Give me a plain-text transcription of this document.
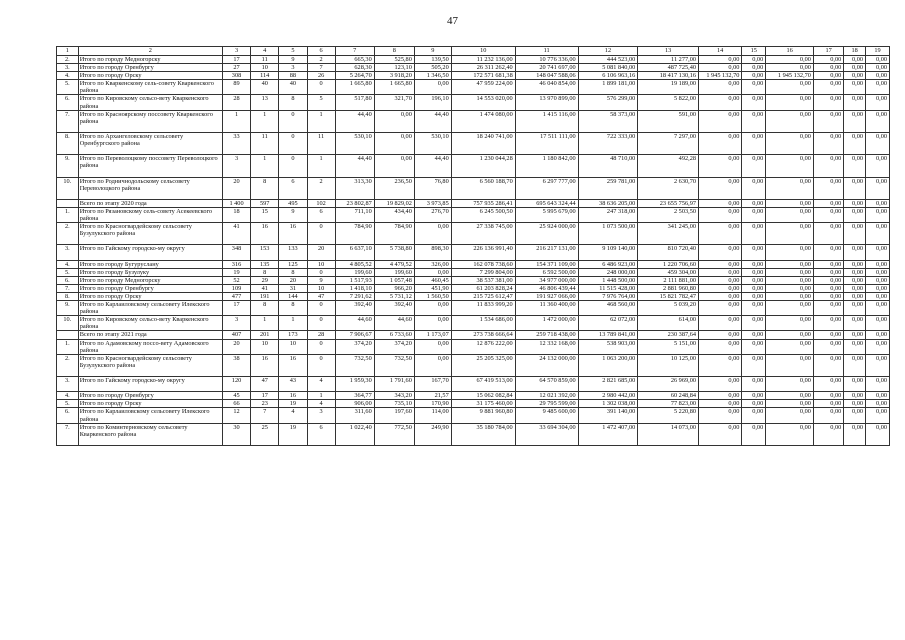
47
1	2	3	4	5	6	7	8	9	10	11	12	13	14	15	16	17	18	19
2.	Итого по городу Медногорску	17	11	9	2	665,30	525,80	139,50	11 232 136,00	10 776 336,00	444 523,00	11 277,00	0,00	0,00	0,00	0,00	0,00	0,00
3.	Итого по городу Оренбургу	27	10	3	7	628,30	123,10	505,20	26 311 262,40	20 741 697,00	5 081 840,00	487 725,40	0,00	0,00	0,00	0,00	0,00	0,00
4.	Итого по городу Орску	308	114	88	26	5 264,70	3 918,20	1 346,50	172 571 681,38	148 047 588,06	6 106 963,16	18 417 130,16	1 945 132,70	0,00	1 945 132,70	0,00	0,00	0,00
5.	Итого по Кваркенскому сель-совету Кваркенского района	89	40	40	0	1 665,80	1 665,80	0,00	47 959 224,00	46 040 854,00	1 899 181,00	19 189,00	0,00	0,00	0,00	0,00	0,00	0,00
6.	Итого по Кировскому сельсо-вету Кваркенского района	28	13	8	5	517,80	321,70	196,10	14 553 020,00	13 970 899,00	576 299,00	5 822,00	0,00	0,00	0,00	0,00	0,00	0,00
7.	Итого по Красноярскому поссовету Кваркенского района	1	1	0	1	44,40	0,00	44,40	1 474 080,00	1 415 116,00	58 373,00	591,00	0,00	0,00	0,00	0,00	0,00	0,00
8.	Итого по Архангеловскому сельсовету Оренбургского района	33	11	0	11	530,10	0,00	530,10	18 240 741,00	17 511 111,00	722 333,00	7 297,00	0,00	0,00	0,00	0,00	0,00	0,00
9.	Итого по Переволоцкому поссовету Переволоцкого района	3	1	0	1	44,40	0,00	44,40	1 230 044,28	1 180 842,00	48 710,00	492,28	0,00	0,00	0,00	0,00	0,00	0,00
10.	Итого по Родничнодольскому сельсовету Переволоцкого района	20	8	6	2	313,30	236,50	76,80	6 560 188,70	6 297 777,00	259 781,00	2 630,70	0,00	0,00	0,00	0,00	0,00	0,00
	Всего по этапу 2020 года	1 400	597	495	102	23 802,87	19 829,02	3 973,85	757 935 286,41	695 643 324,44	38 636 205,00	23 655 756,97	0,00	0,00	0,00	0,00	0,00	0,00
1.	Итого по Рязановскому сель-совету Асекеевского района	18	15	9	6	711,10	434,40	276,70	6 245 500,50	5 995 679,00	247 318,00	2 503,50	0,00	0,00	0,00	0,00	0,00	0,00
2.	Итого по Красногвардейскому сельсовету Бузулукского района	41	16	16	0	784,90	784,90	0,00	27 338 745,00	25 924 000,00	1 073 500,00	341 245,00	0,00	0,00	0,00	0,00	0,00	0,00
3.	Итого по Гайскому городско-му округу	348	153	133	20	6 637,10	5 738,80	898,30	226 136 991,40	216 217 131,00	9 109 140,00	810 720,40	0,00	0,00	0,00	0,00	0,00	0,00
4.	Итого по городу Бугуруслану	316	135	125	10	4 805,52	4 479,52	326,00	162 078 738,60	154 371 109,00	6 486 923,00	1 220 706,60	0,00	0,00	0,00	0,00	0,00	0,00
5.	Итого по городу Бузулуку	19	8	8	0	199,60	199,60	0,00	7 299 804,00	6 592 500,00	248 000,00	459 304,00	0,00	0,00	0,00	0,00	0,00	0,00
6.	Итого по городу Медногорску	52	29	20	9	1 517,93	1 057,48	460,45	38 537 381,00	34 977 000,00	1 448 500,00	2 111 881,00	0,00	0,00	0,00	0,00	0,00	0,00
7.	Итого по городу Оренбургу	109	41	31	10	1 418,10	966,20	451,90	61 203 828,24	46 806 439,44	11 515 428,00	2 881 960,80	0,00	0,00	0,00	0,00	0,00	0,00
8.	Итого по городу Орску	477	191	144	47	7 291,62	5 731,12	1 560,50	215 725 612,47	191 927 066,00	7 976 764,00	15 821 782,47	0,00	0,00	0,00	0,00	0,00	0,00
9.	Итого по Карлаиловскому сельсовету Илекского района	17	8	8	0	392,40	392,40	0,00	11 833 999,20	11 360 400,00	468 560,00	5 039,20	0,00	0,00	0,00	0,00	0,00	0,00
10.	Итого по Кировскому сельсо-вету Кваркенского района	3	1	1	0	44,60	44,60	0,00	1 534 686,00	1 472 000,00	62 072,00	614,00	0,00	0,00	0,00	0,00	0,00	0,00
	Всего по этапу 2021 года	407	201	173	28	7 906,67	6 733,60	1 173,07	273 738 666,64	259 718 438,00	13 789 841,00	230 387,64	0,00	0,00	0,00	0,00	0,00	0,00
1.	Итого по Адамовскому поссо-вету Адамовского района	20	10	10	0	374,20	374,20	0,00	12 876 222,00	12 332 168,00	538 903,00	5 151,00	0,00	0,00	0,00	0,00	0,00	0,00
2.	Итого по Красногвардейскому сельсовету Бузулукского района	38	16	16	0	732,50	732,50	0,00	25 205 325,00	24 132 000,00	1 063 200,00	10 125,00	0,00	0,00	0,00	0,00	0,00	0,00
3.	Итого по Гайскому городско-му округу	120	47	43	4	1 959,30	1 791,60	167,70	67 419 513,00	64 570 859,00	2 821 685,00	26 969,00	0,00	0,00	0,00	0,00	0,00	0,00
4.	Итого по городу Оренбургу	45	17	16	1	364,77	343,20	21,57	15 062 082,84	12 021 392,00	2 980 442,00	60 248,84	0,00	0,00	0,00	0,00	0,00	0,00
5.	Итого по городу Орску	66	23	19	4	906,00	735,10	170,90	31 175 460,00	29 795 599,00	1 302 038,00	77 823,00	0,00	0,00	0,00	0,00	0,00	0,00
6.	Итого по Карлаиловскому сельсовету Илекского района	12	7	4	3	311,60	197,60	114,00	9 881 960,80	9 485 600,00	391 140,00	5 220,80	0,00	0,00	0,00	0,00	0,00	0,00
7.	Итого по Коминтерновскому сельсовету Кваркенского района	30	25	19	6	1 022,40	772,50	249,90	35 180 784,00	33 694 304,00	1 472 407,00	14 073,00	0,00	0,00	0,00	0,00	0,00	0,00
